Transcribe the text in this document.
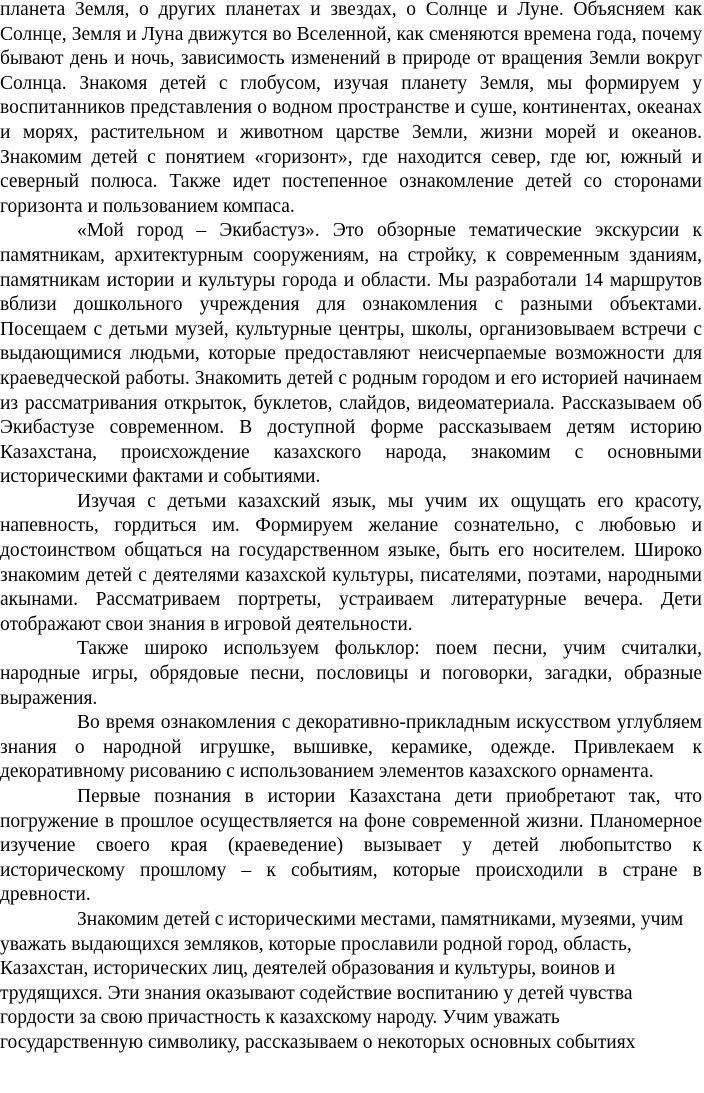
планета Земля, о других планетах и звездах, о Солнце и Луне. Объясняем как Солнце, Земля и Луна движутся во Вселенной, как сменяются времена года, почему бывают день и ночь, зависимость изменений в природе от вращения Земли вокруг Солнца. Знакомя детей с глобусом, изучая планету Земля, мы формируем у воспитанников представления о водном пространстве и суше, континентах, океанах и морях, растительном и животном царстве Земли, жизни морей и океанов. Знакомим детей с понятием «горизонт», где находится север, где юг, южный и северный полюса. Также идет постепенное ознакомление детей со сторонами горизонта и пользованием компаса.

«Мой город – Экибастуз». Это обзорные тематические экскурсии к памятникам, архитектурным сооружениям, на стройку, к современным зданиям, памятникам истории и культуры города и области. Мы разработали 14 маршрутов вблизи дошкольного учреждения для ознакомления с разными объектами. Посещаем с детьми музей, культурные центры, школы, организовываем встречи с выдающимися людьми, которые предоставляют неисчерпаемые возможности для краеведческой работы. Знакомить детей с родным городом и его историей начинаем из рассматривания открыток, буклетов, слайдов, видеоматериала. Рассказываем об Экибастузе современном. В доступной форме рассказываем детям историю Казахстана, происхождение казахского народа, знакомим с основными историческими фактами и событиями.

Изучая с детьми казахский язык, мы учим их ощущать его красоту, напевность, гордиться им. Формируем желание сознательно, с любовью и достоинством общаться на государственном языке, быть его носителем. Широко знакомим детей с деятелями казахской культуры, писателями, поэтами, народными акынами. Рассматриваем портреты, устраиваем литературные вечера. Дети отображают свои знания в игровой деятельности.

Также широко используем фольклор: поем песни, учим считалки, народные игры, обрядовые песни, пословицы и поговорки, загадки, образные выражения.

Во время ознакомления с декоративно-прикладным искусством углубляем знания о народной игрушке, вышивке, керамике, одежде. Привлекаем к декоративному рисованию с использованием элементов казахского орнамента.

Первые познания в истории Казахстана дети приобретают так, что погружение в прошлое осуществляется на фоне современной жизни. Планомерное изучение своего края (краеведение) вызывает у детей любопытство к историческому прошлому – к событиям, которые происходили в стране в древности.

Знакомим детей с историческими местами, памятниками, музеями, учим уважать выдающихся земляков, которые прославили родной город, область, Казахстан, исторических лиц, деятелей образования и культуры, воинов и трудящихся. Эти знания оказывают содействие воспитанию у детей чувства гордости за свою причастность к казахскому народу. Учим уважать государственную символику, рассказываем о некоторых основных событиях
